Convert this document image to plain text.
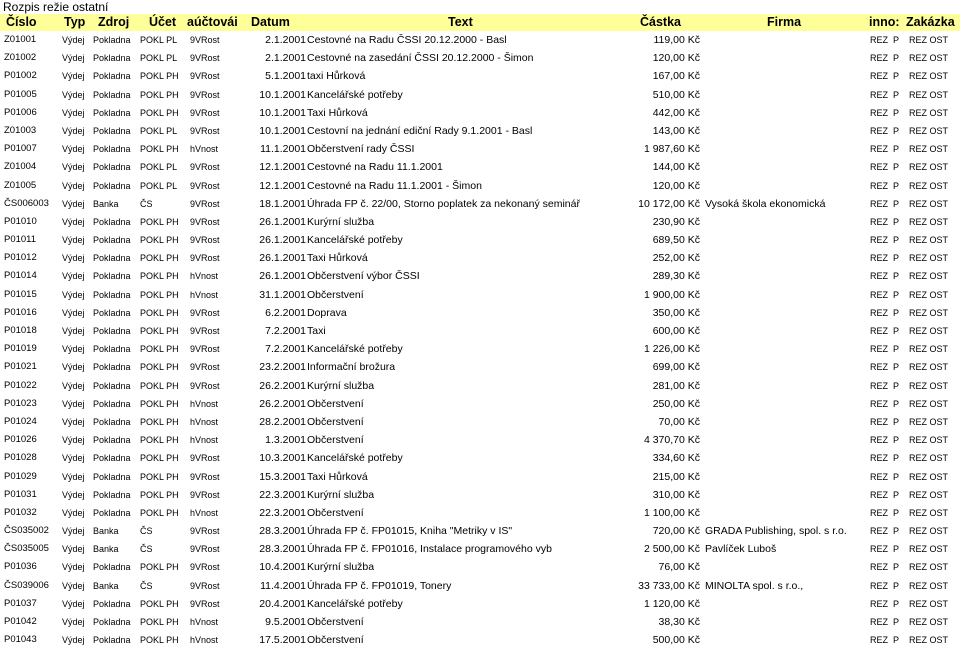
Rozpis režie ostatní
Číslo	Typ	Zdroj	Účet aúčtovái	Datum	Text	Částka	Firma	inno: Zakázka
Z01001	Výdej Pokladna	POKL PL	9VRost	2.1.2001 Cestovné na Radu ČSSI 20.12.2000 - Basl	119,00 Kč	REZ P	REZ OST
Z01002	Výdej Pokladna	POKL PL	9VRost	2.1.2001 Cestovné na zasedání ČSSI 20.12.2000 - Šimon	120,00 Kč	REZ P	REZ OST
P01002	Výdej Pokladna	POKL PH	9VRost	5.1.2001 taxi Hůrková	167,00 Kč	REZ P	REZ OST
P01005	Výdej Pokladna	POKL PH	9VRost	10.1.2001 Kancelářské potřeby	510,00 Kč	REZ P	REZ OST
P01006	Výdej Pokladna	POKL PH	9VRost	10.1.2001 Taxi Hůrková	442,00 Kč	REZ P	REZ OST
Z01003	Výdej Pokladna	POKL PL	9VRost	10.1.2001 Cestovní na jednání ediční Rady 9.1.2001 - Basl	143,00 Kč	REZ P	REZ OST
P01007	Výdej Pokladna	POKL PH	hVnost	11.1.2001 Občerstvení rady ČSSI	1 987,60 Kč	REZ P	REZ OST
Z01004	Výdej Pokladna	POKL PL	9VRost	12.1.2001 Cestovné na Radu 11.1.2001	144,00 Kč	REZ P	REZ OST
Z01005	Výdej Pokladna	POKL PL	9VRost	12.1.2001 Cestovné na Radu 11.1.2001 - Šimon	120,00 Kč	REZ P	REZ OST
ČS006003	Výdej Banka	ČS	9VRost	18.1.2001 Úhrada FP č. 22/00, Storno poplatek za nekonaný seminář	10 172,00 Kč Vysoká škola ekonomická	REZ P	REZ OST
P01010	Výdej Pokladna	POKL PH	9VRost	26.1.2001 Kurýrní služba	230,90 Kč	REZ P	REZ OST
P01011	Výdej Pokladna	POKL PH	9VRost	26.1.2001 Kancelářské potřeby	689,50 Kč	REZ P	REZ OST
P01012	Výdej Pokladna	POKL PH	9VRost	26.1.2001 Taxi Hůrková	252,00 Kč	REZ P	REZ OST
P01014	Výdej Pokladna	POKL PH	hVnost	26.1.2001 Občerstvení výbor ČSSI	289,30 Kč	REZ P	REZ OST
P01015	Výdej Pokladna	POKL PH	hVnost	31.1.2001 Občerstvení	1 900,00 Kč	REZ P	REZ OST
P01016	Výdej Pokladna	POKL PH	9VRost	6.2.2001 Doprava	350,00 Kč	REZ P	REZ OST
P01018	Výdej Pokladna	POKL PH	9VRost	7.2.2001 Taxi	600,00 Kč	REZ P	REZ OST
P01019	Výdej Pokladna	POKL PH	9VRost	7.2.2001 Kancelářské potřeby	1 226,00 Kč	REZ P	REZ OST
P01021	Výdej Pokladna	POKL PH	9VRost	23.2.2001 Informační brožura	699,00 Kč	REZ P	REZ OST
P01022	Výdej Pokladna	POKL PH	9VRost	26.2.2001 Kurýrní služba	281,00 Kč	REZ P	REZ OST
P01023	Výdej Pokladna	POKL PH	hVnost	26.2.2001 Občerstvení	250,00 Kč	REZ P	REZ OST
P01024	Výdej Pokladna	POKL PH	hVnost	28.2.2001 Občerstvení	70,00 Kč	REZ P	REZ OST
P01026	Výdej Pokladna	POKL PH	hVnost	1.3.2001 Občerstvení	4 370,70 Kč	REZ P	REZ OST
P01028	Výdej Pokladna	POKL PH	9VRost	10.3.2001 Kancelářské potřeby	334,60 Kč	REZ P	REZ OST
P01029	Výdej Pokladna	POKL PH	9VRost	15.3.2001 Taxi Hůrková	215,00 Kč	REZ P	REZ OST
P01031	Výdej Pokladna	POKL PH	9VRost	22.3.2001 Kurýrní služba	310,00 Kč	REZ P	REZ OST
P01032	Výdej Pokladna	POKL PH	hVnost	22.3.2001 Občerstvení	1 100,00 Kč	REZ P	REZ OST
ČS035002	Výdej Banka	ČS	9VRost	28.3.2001 Úhrada FP č. FP01015, Kniha "Metriky v IS"	720,00 Kč GRADA Publishing, spol. s r.o.	REZ P	REZ OST
ČS035005	Výdej Banka	ČS	9VRost	28.3.2001 Úhrada FP č. FP01016, Instalace programového vyb	2 500,00 Kč Pavlíček Luboš	REZ P	REZ OST
P01036	Výdej Pokladna	POKL PH	9VRost	10.4.2001 Kurýrní služba	76,00 Kč	REZ P	REZ OST
ČS039006	Výdej Banka	ČS	9VRost	11.4.2001 Úhrada FP č. FP01019, Tonery	33 733,00 Kč MINOLTA spol. s r.o.,	REZ P	REZ OST
P01037	Výdej Pokladna	POKL PH	9VRost	20.4.2001 Kancelářské potřeby	1 120,00 Kč	REZ P	REZ OST
P01042	Výdej Pokladna	POKL PH	hVnost	9.5.2001 Občerstvení	38,30 Kč	REZ P	REZ OST
P01043	Výdej Pokladna	POKL PH	hVnost	17.5.2001 Občerstvení	500,00 Kč	REZ P	REZ OST
